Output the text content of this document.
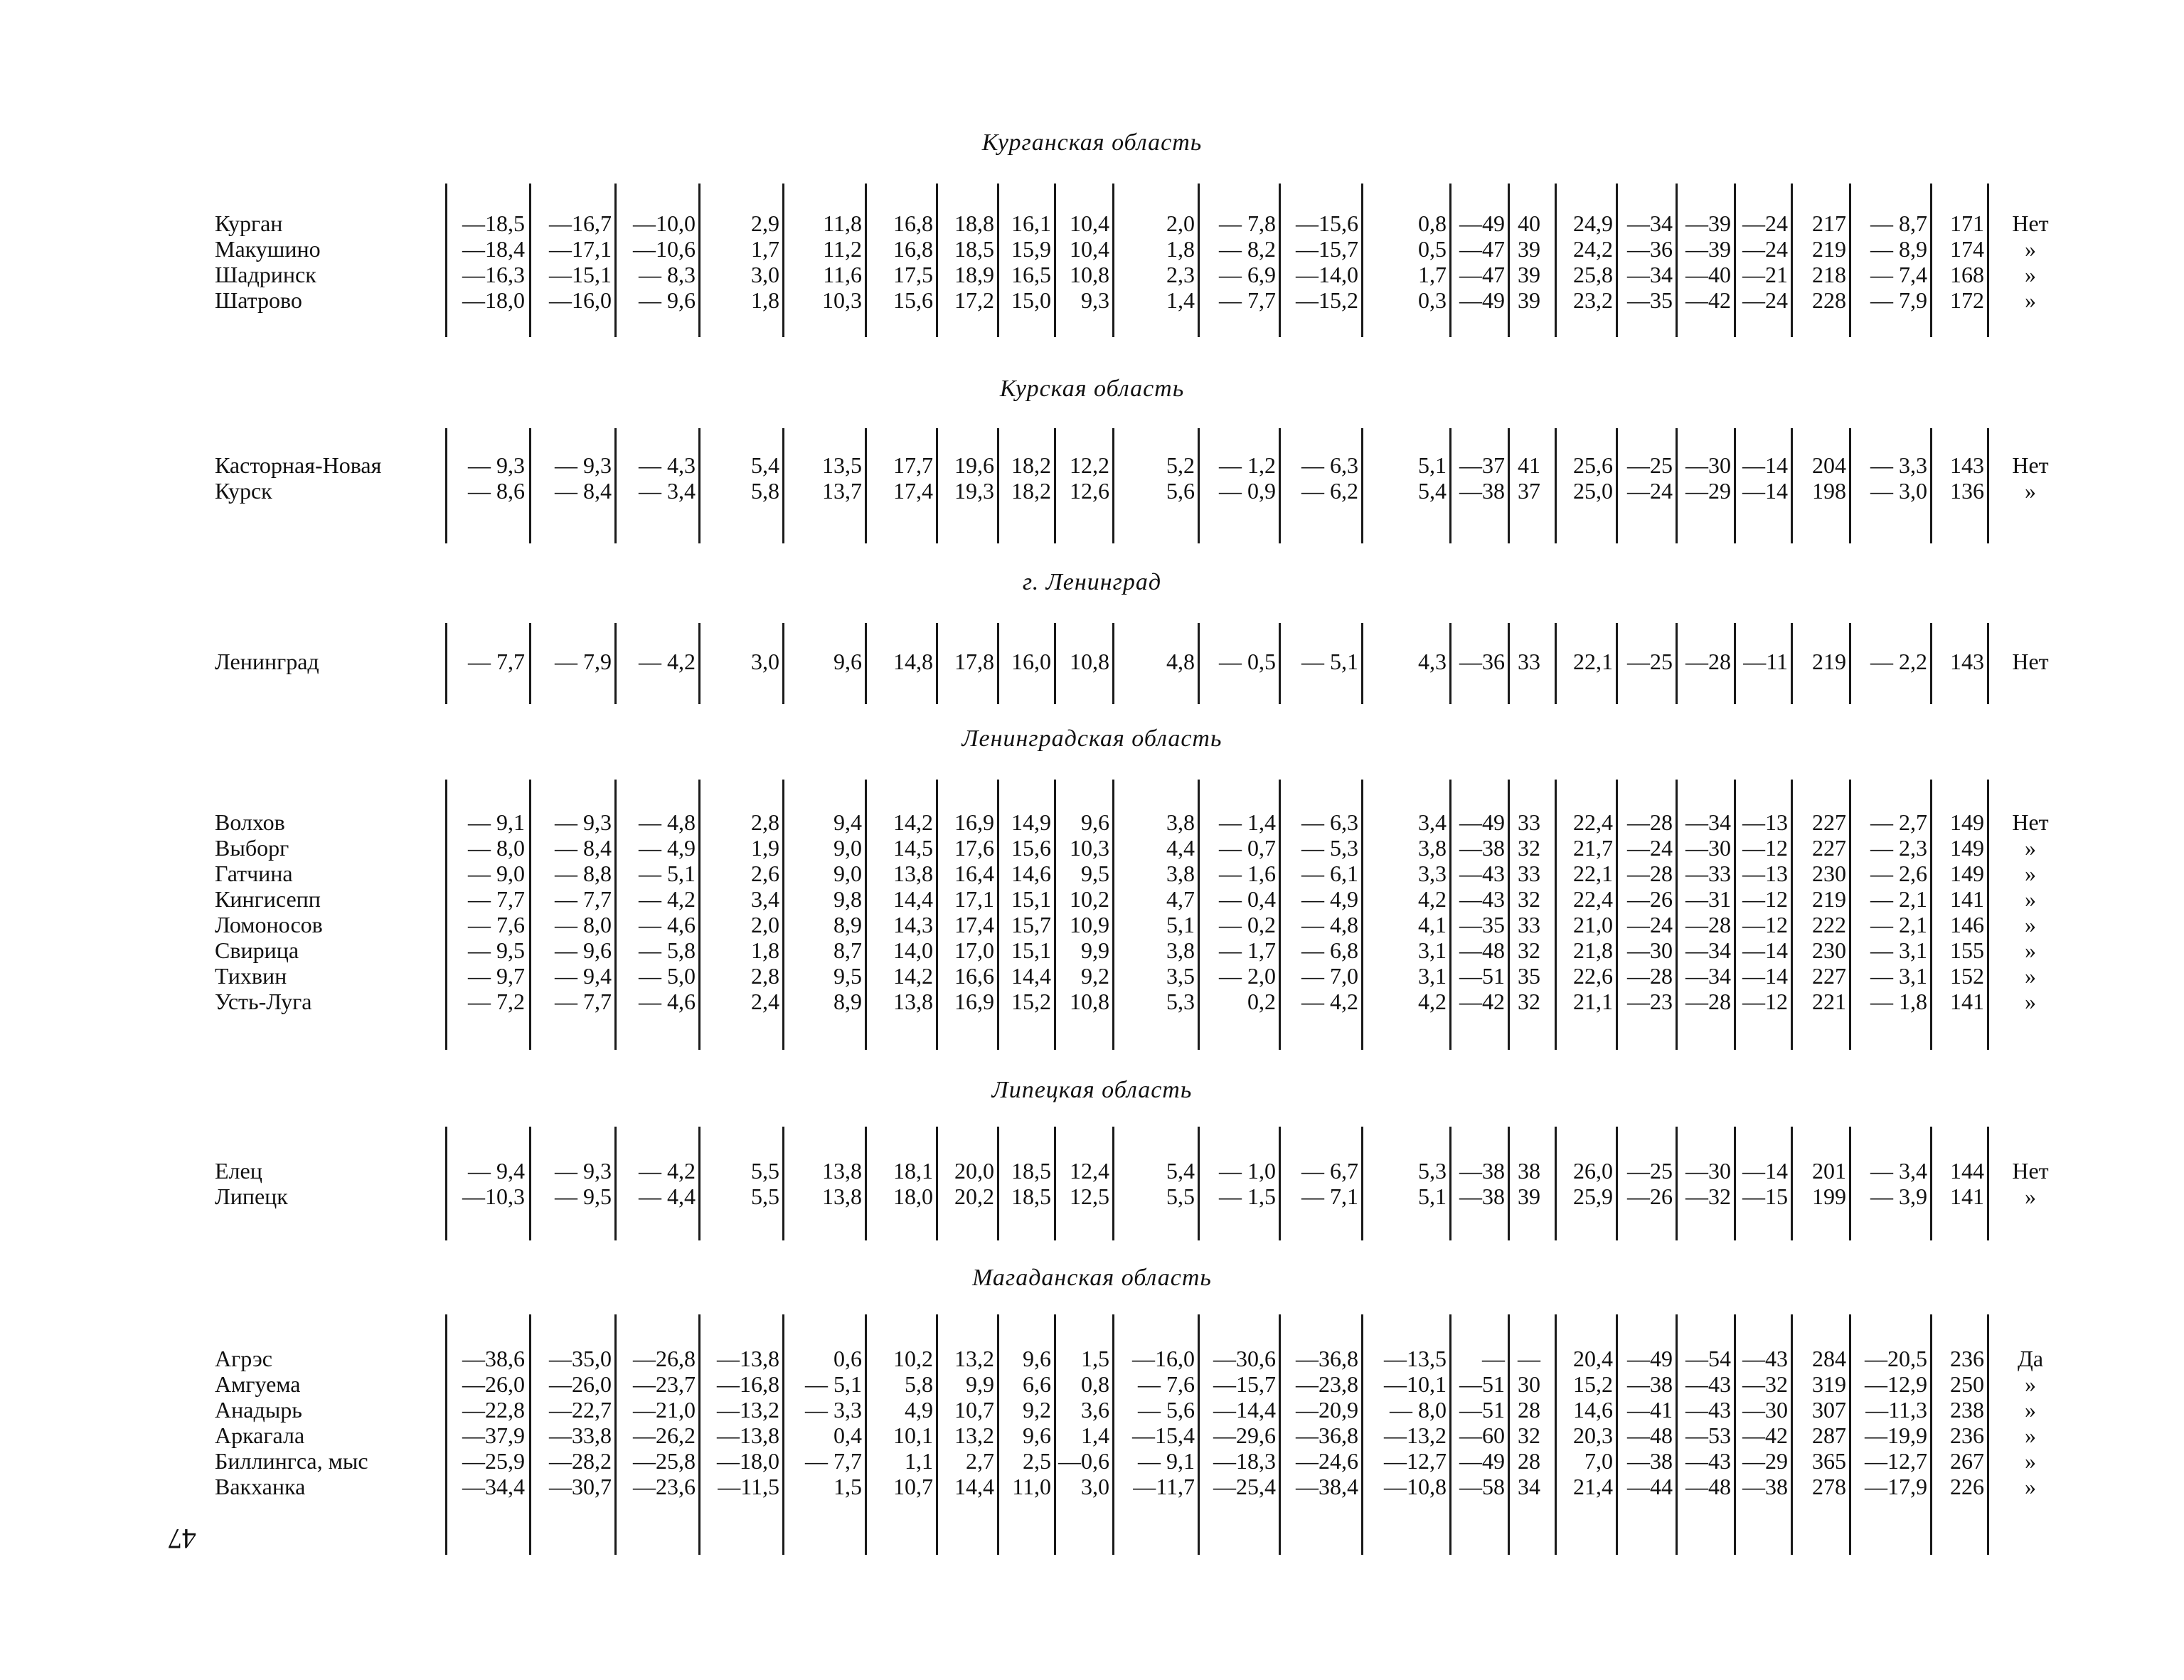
47
Курганская область
Курган	—18,5 —16,7 —10,0 2,9 11,8 16,8 18,8 16,1 10,4	2,0 — 7,8 —15,6	0,8 —49 40 24,9 —34 —39 —24 217 — 8,7 171	Нет
Макушино	—18,4 —17,1 —10,6 1,7 11,2 16,8 18,5 15,9 10,4	1,8 — 8,2 —15,7	0,5 —47 39 24,2 —36 —39 —24 219 — 8,9 174	»
Шадринск	—16,3 —15,1 — 8,3 3,0 11,6 17,5 18,9 16,5 10,8	2,3 — 6,9 —14,0	1,7 —47 39 25,8 —34 —40 —21 218 — 7,4 168	»
Шатрово	—18,0 —16,0 — 9,6 1,8 10,3 15,6 17,2 15,0 9,3	1,4 — 7,7 —15,2	0,3 —49 39 23,2 —35 —42 —24 228 — 7,9 172	»
Курская область
Касторная-Новая	— 9,3 — 9,3 — 4,3 5,4 13,5 17,7 19,6 18,2 12,2	5,2 — 1,2 — 6,3	5,1 —37 41 25,6 —25 —30 —14 204 — 3,3 143	Нет
Курск	— 8,6 — 8,4 — 3,4 5,8 13,7 17,4 19,3 18,2 12,6	5,6 — 0,9 — 6,2	5,4 —38 37 25,0 —24 —29 —14 198 — 3,0 136	»
г. Ленинград
Ленинград	— 7,7 — 7,9 — 4,2 3,0 9,6 14,8 17,8 16,0 10,8	4,8 — 0,5 — 5,1	4,3 —36 33 22,1 —25 —28 —11 219 — 2,2 143	Нет
Ленинградская область
Волхов	— 9,1 — 9,3 — 4,8 2,8 9,4 14,2 16,9 14,9 9,6	3,8 — 1,4 — 6,3	3,4 —49 33 22,4 —28 —34 —13 227 — 2,7 149	Нет
Выборг	— 8,0 — 8,4 — 4,9 1,9 9,0 14,5 17,6 15,6 10,3	4,4 — 0,7 — 5,3	3,8 —38 32 21,7 —24 —30 —12 227 — 2,3 149	»
Гатчина	— 9,0 — 8,8 — 5,1 2,6 9,0 13,8 16,4 14,6 9,5	3,8 — 1,6 — 6,1	3,3 —43 33 22,1 —28 —33 —13 230 — 2,6 149	»
Кингисепп	— 7,7 — 7,7 — 4,2 3,4 9,8 14,4 17,1 15,1 10,2	4,7 — 0,4 — 4,9	4,2 —43 32 22,4 —26 —31 —12 219 — 2,1 141	»
Ломоносов	— 7,6 — 8,0 — 4,6 2,0 8,9 14,3 17,4 15,7 10,9	5,1 — 0,2 — 4,8	4,1 —35 33 21,0 —24 —28 —12 222 — 2,1 146	»
Свирица	— 9,5 — 9,6 — 5,8 1,8 8,7 14,0 17,0 15,1 9,9	3,8 — 1,7 — 6,8	3,1 —48 32 21,8 —30 —34 —14 230 — 3,1 155	»
Тихвин	— 9,7 — 9,4 — 5,0 2,8 9,5 14,2 16,6 14,4 9,2	3,5 — 2,0 — 7,0	3,1 —51 35 22,6 —28 —34 —14 227 — 3,1 152	»
Усть-Луга	— 7,2 — 7,7 — 4,6 2,4 8,9 13,8 16,9 15,2 10,8	5,3 0,2 — 4,2	4,2 —42 32 21,1 —23 —28 —12 221 — 1,8 141	»
Липецкая область
Елец	— 9,4 — 9,3 — 4,2 5,5 13,8 18,1 20,0 18,5 12,4	5,4 — 1,0 — 6,7	5,3 —38 38 26,0 —25 —30 —14 201 — 3,4 144	Нет
Липецк	—10,3 — 9,5 — 4,4 5,5 13,8 18,0 20,2 18,5 12,5	5,5 — 1,5 — 7,1	5,1 —38 39 25,9 —26 —32 —15 199 — 3,9 141	»
Магаданская область
Агрэс	—38,6 —35,0 —26,8 —13,8 0,6 10,2 13,2 9,6 1,5 —16,0 —30,6 —36,8 —13,5 — — 20,4 —49 —54 —43 284 —20,5 236	Да
Амгуема	—26,0 —26,0 —23,7 —16,8 — 5,1 5,8 9,9 6,6 0,8 — 7,6 —15,7 —23,8 —10,1 —51 30 15,2 —38 —43 —32 319 —12,9 250	»
Анадырь	—22,8 —22,7 —21,0 —13,2 — 3,3 4,9 10,7 9,2 3,6 — 5,6 —14,4 —20,9 — 8,0 —51 28 14,6 —41 —43 —30 307 —11,3 238	»
Аркагала	—37,9 —33,8 —26,2 —13,8 0,4 10,1 13,2 9,6 1,4 —15,4 —29,6 —36,8 —13,2 —60 32 20,3 —48 —53 —42 287 —19,9 236	»
Биллингса, мыс	—25,9 —28,2 —25,8 —18,0 — 7,7 1,1 2,7 2,5 —0,6 — 9,1 —18,3 —24,6 —12,7 —49 28 7,0 —38 —43 —29 365 —12,7 267	»
Вакханка	—34,4 —30,7 —23,6 —11,5 1,5 10,7 14,4 11,0 3,0 —11,7 —25,4 —38,4 —10,8 —58 34 21,4 —44 —48 —38 278 —17,9 226	»
